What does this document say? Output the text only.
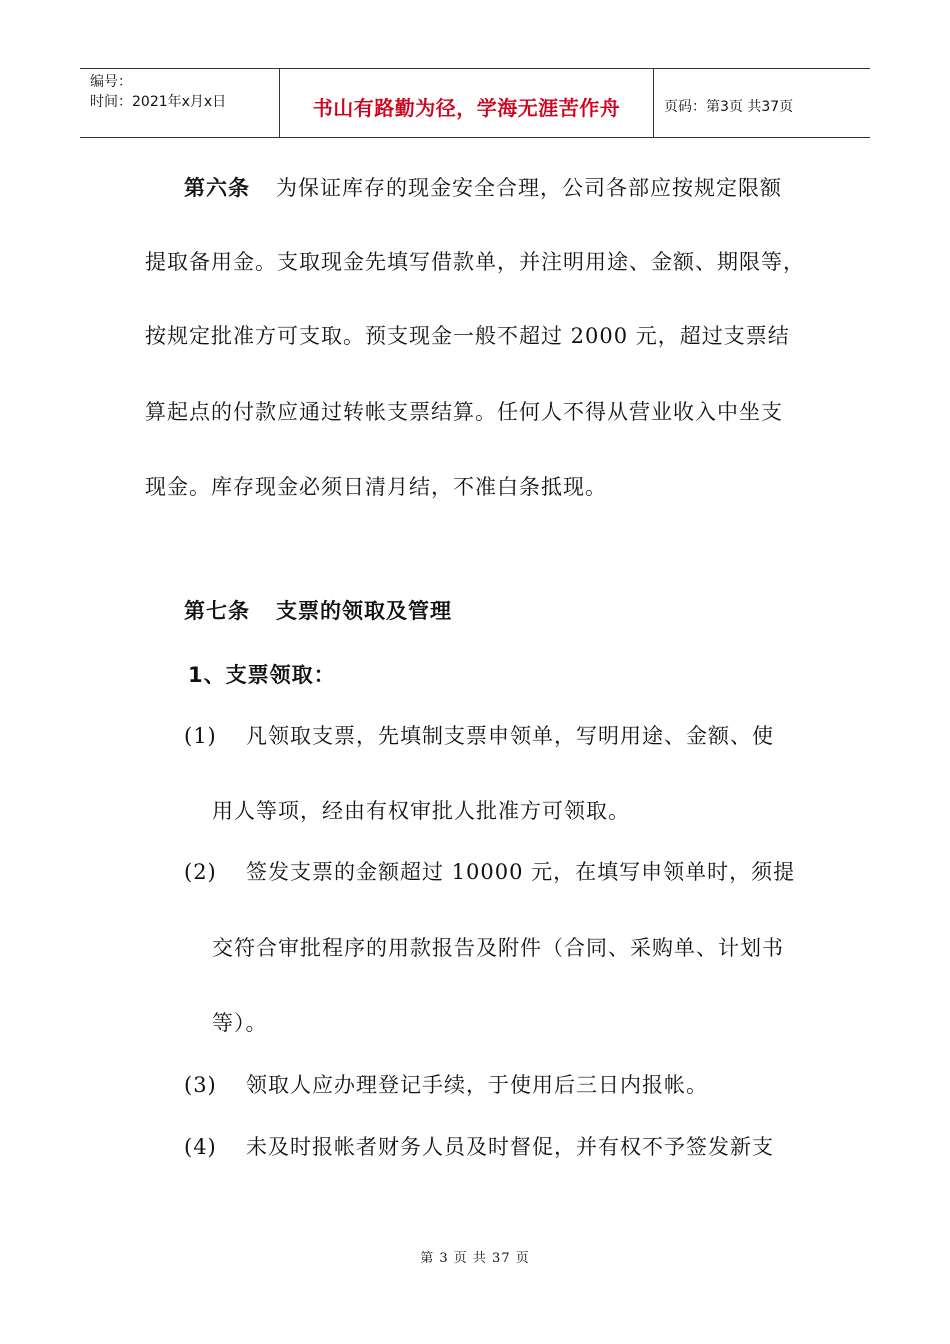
编号：
时间：2021年x月x日	书山有路勤为径，学海无涯苦作舟	页码：第3页 共37页
第六条 为保证库存的现金安全合理，公司各部应按规定限额
提取备用金。支取现金先填写借款单，并注明用途、金额、期限等，
按规定批准方可支取。预支现金一般不超过 2000 元，超过支票结
算起点的付款应通过转帐支票结算。任何人不得从营业收入中坐支
现金。库存现金必须日清月结，不准白条抵现。
第七条 支票的领取及管理
1、支票领取：
(1) 凡领取支票，先填制支票申领单，写明用途、金额、使
用人等项，经由有权审批人批准方可领取。
(2) 签发支票的金额超过 10000 元，在填写申领单时，须提
交符合审批程序的用款报告及附件（合同、采购单、计划书
等）。
(3) 领取人应办理登记手续，于使用后三日内报帐。
(4) 未及时报帐者财务人员及时督促，并有权不予签发新支
第 3 页 共 37 页
